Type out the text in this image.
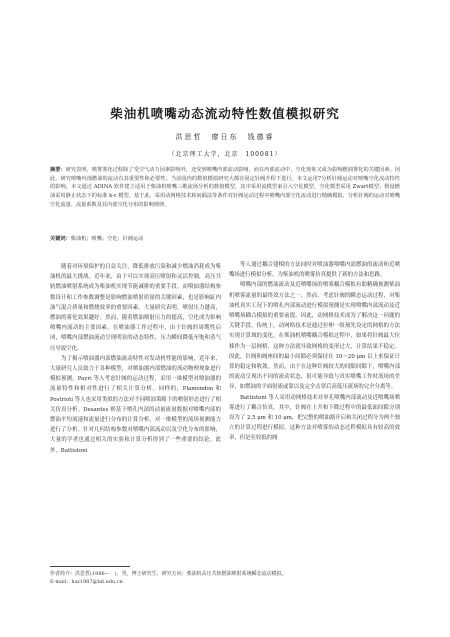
柴油机喷嘴动态流动特性数值模拟研究
洪思哲　廖日东　钱德睿
（北京理工大学，北京　100081）
摘要：研究表明，喷雾雾化过程除了受空气动力因素影响外，还受到喷嘴内部流动影响，而在内部流动中，空化现象又成为影响燃油雾化的关键因素。因此，研究喷嘴内部燃油的流动有其重要性和必要性。当前国内的数值模拟研究大都在固定针阀升程下进行。本文运用7分析针阀运动对喷嘴空化流动特性的影响。本文通过 ADINA 软件建立适用于柴油机喷嘴三维流场分析的数值模型，其中采用流模型来引入空化模型，空化模型采用 Zwart模型；假设燃油采用静止状态下的标准 k-ε 模型。基于此，采用动网格技术和间隔法等条件对针阀运动过程中喷嘴内部空化流动进行精确模拟，分析针阀的运动对喷嘴空化流量、流量系数及其内部空化分布的影响规律。
关键词：柴油机；喷嘴；空化；针阀运动

随着对环境保护的日益关注，降低排放污染和减少燃油消耗成为柴油机的最大挑战。近年来，由于可以实现高压喷射和灵活控制，高压共轨燃油喷射系统成为柴油机实现节能减排的重要手段。而喷油器结构参数设计和工作参数调整是影响燃油喷射质量的关键因素，也是影响缸内油气混合质量和燃烧效率的重要因素。大量研究表明，喷射压力越高，燃油的雾化效果越好。然而，随着燃油喷射压力的提高，空化成为影响喷嘴内流动的主要因素。在喷油器工作过程中，由于针阀的周期性启闭，喷嘴内部燃油流动呈现明显的动态特性，压力瞬间降低至饱和蒸气压导致空化。

为了揭示喷油器内部燃油流动特性对发动机性能的影响，近年来，大量研究人员致力于各种模型，对喷油器内部燃油的流动物理现象进行模拟预测。Payri 等人考虑针阀的运动过程，采用一维模型对喷油器的流量特性和相对性进行了相关计算分析。同样的，Plamondon 和 Postrioti 等人也采用类似的方法对不同喷油策略下的喷射形态进行了相关仿真分析。Desantes 则基于喷孔内部的动量流量数据对喷嘴内部的燃油平均流速和流量进行分布的计算分析，对一维模型的流场预测能力进行了分析。针对几何结构参数对喷嘴内部流动以及空化分布的影响，大量的学者也通过相关的实验和计算分析得到了一些重要的结论。此外，Battistoni

等人通过耦合建模的方法同时对喷油器喷嘴内部燃油的流动和近喷嘴场进行模拟分析，为柴油机的喷雾仿真提供了新的方法和思路。

喷嘴内部的燃油流动及近喷嘴场的喷雾耦合模拟有助精确预测柴油机喷雾流量的最终效方法之一。然而，考虑针阀的瞬态运动过程，对柴油机真实工况下的喷孔内部流动进行模拟预测是实现喷嘴内部流动及近喷嘴场耦合模拟的重要前提。因此，动网格技术成为了解决这一问题的关键手段。传统上，动网格技术是通过拉伸一组预先设定的网格的方法实现计算域的变化。在柴油机喷嘴耦合模拟过程中，如果将针阀最大位移作为一层网格，这种方法就导致网格的变形过大，计算结果不稳定。因此，针阀和阀座间的最小间隙必须保持在 10～20 μm 以上来保证计算的稳定和收敛。然而，由于在这种针阀较大的间隙间隙下，喷嘴内部的流动呈现出不同的流动状态，很可能导致与真实喷嘴工作时流场的差异，如燃油的平面射流或靠以及完全击穿后高低压流场的完全分离等。

Battistoni 等人采用动网格技术对单孔喷嘴内部流动及近喷嘴场喷雾进行了耦合仿真。其中，针阀在上升和下降过程中的最低面间隙分别设为了 2.5 μm 和 10 μm，把完整的喷油器开启和关闭过程分为两个独立的计算过程进行模拟。这种方法对喷雾的动态过程模拟具有较高的效率，但是在较低的阀

作者简介：洪思哲(1986—　)，男，博士研究生；研究方向：柴油机高压共轨燃油喷射系统瞬态流动模拟。
E-mail：hsz1987@bit.edu.cn
